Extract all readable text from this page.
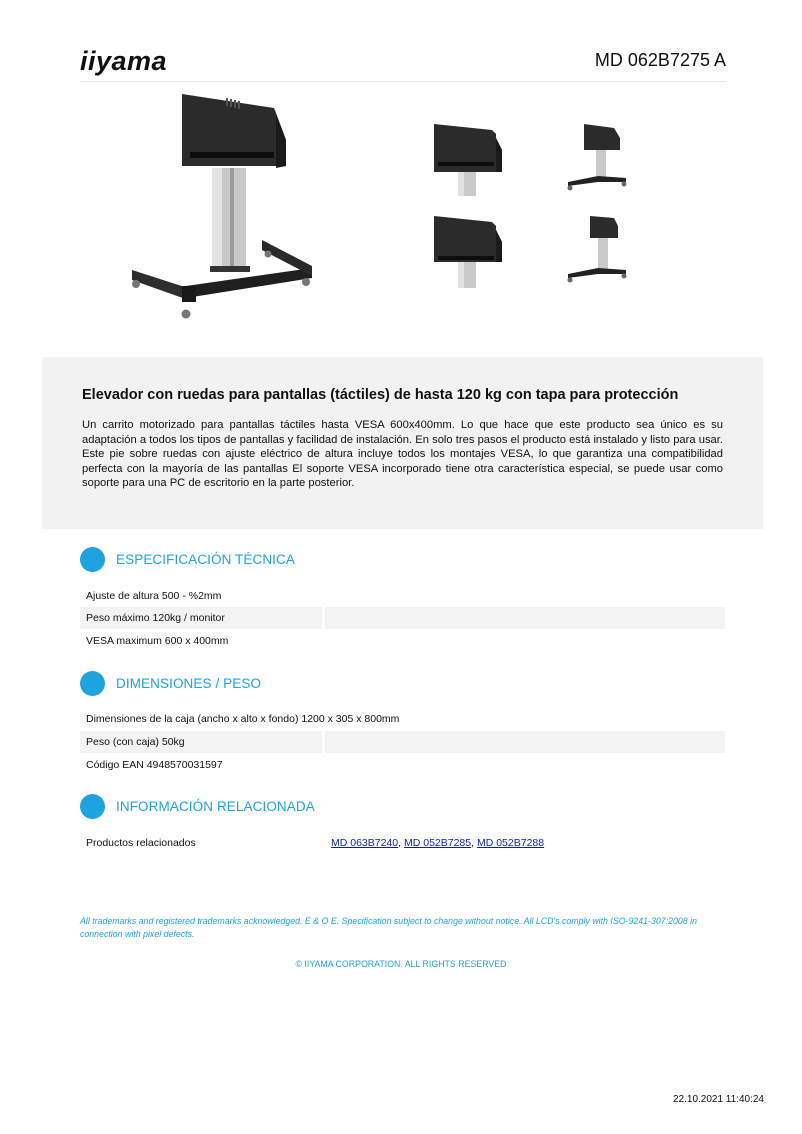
iiyama	MD 062B7275 A
Elevador con ruedas para pantallas (táctiles) de hasta 120 kg con tapa para protección
Un carrito motorizado para pantallas táctiles hasta VESA 600x400mm. Lo que hace que este producto sea único es su adaptación a todos los tipos de pantallas y facilidad de instalación. En solo tres pasos el producto está instalado y listo para usar. Este pie sobre ruedas con ajuste eléctrico de altura incluye todos los montajes VESA, lo que garantiza una compatibilidad perfecta con la mayoría de las pantallas El soporte VESA incorporado tiene otra característica especial, se puede usar como soporte para una PC de escritorio en la parte posterior.
ESPECIFICACIÓN TÉCNICA
Ajuste de altura 500 - %2mm
Peso máximo 120kg / monitor
VESA maximum 600 x 400mm
DIMENSIONES / PESO
Dimensiones de la caja (ancho x alto x fondo) 1200 x 305 x 800mm
Peso (con caja) 50kg
Código EAN 4948570031597
INFORMACIÓN RELACIONADA
Productos relacionados	MD 063B7240, MD 052B7285, MD 052B7288
All trademarks and registered trademarks acknowledged. E & O E. Specification subject to change without notice. All LCD's comply with ISO-9241-307:2008 in connection with pixel defects.
© IIYAMA CORPORATION. ALL RIGHTS RESERVED
22.10.2021 11:40:24
